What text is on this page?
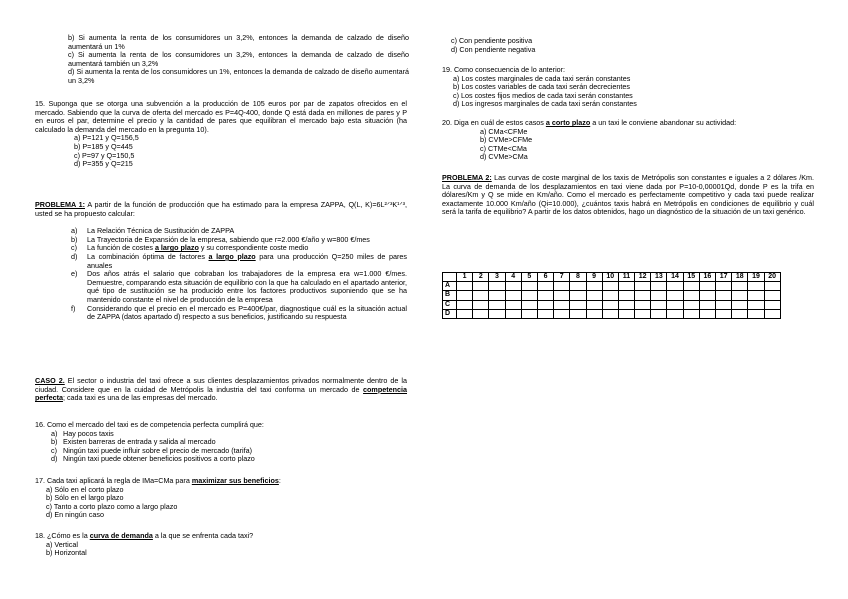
b) Si aumenta la renta de los consumidores un 3,2%, entonces la demanda de calzado de diseño aumentará un 1%

c) Si aumenta la renta de los consumidores un 3,2%, entonces la demanda de calzado de diseño aumentará también un 3,2%

d) Si aumenta la renta de los consumidores un 1%, entonces la demanda de calzado de diseño aumentará un 3,2%

15. Suponga que se otorga una subvención a la producción de 105 euros por par de zapatos ofrecidos en el mercado. Sabiendo que la curva de oferta del mercado es P=4Q-400, donde Q está dada en millones de pares y P en euros el par, determine el precio y la cantidad de pares que equilibran el mercado bajo esta situación (ha calculado la demanda del mercado en la pregunta 10).

a) P=121 y Q=156,5

b) P=185 y Q=445

c) P=97 y Q=150,5

d) P=355 y Q=215

PROBLEMA 1: A partir de la función de producción que ha estimado para la empresa ZAPPA, Q(L, K)=6L²ᐟ³K¹ᐟ³, usted se ha propuesto calcular:

a) La Relación Técnica de Sustitución de ZAPPA
b) La Trayectoria de Expansión de la empresa, sabiendo que r=2.000 €/año y w=800 €/mes
c) La función de costes a largo plazo y su correspondiente coste medio
d) La combinación óptima de factores a largo plazo para una producción Q=250 miles de pares anuales
e) Dos años atrás el salario que cobraban los trabajadores de la empresa era w=1.000 €/mes. Demuestre, comparando esta situación de equilibrio con la que ha calculado en el apartado anterior, qué tipo de sustitución se ha producido entre los factores productivos suponiendo que se ha mantenido constante el nivel de producción de la empresa
f) Considerando que el precio en el mercado es P=400€/par, diagnostique cuál es la situación actual de ZAPPA (datos apartado d) respecto a sus beneficios, justificando su respuesta

CASO 2. El sector o industria del taxi ofrece a sus clientes desplazamientos privados normalmente dentro de la ciudad. Considere que en la cuidad de Metrópolis la industria del taxi conforma un mercado de competencia perfecta; cada taxi es una de las empresas del mercado.

16. Como el mercado del taxi es de competencia perfecta cumplirá que:

a) Hay pocos taxis
b) Existen barreras de entrada y salida al mercado
c) Ningún taxi puede influir sobre el precio de mercado (tarifa)
d) Ningún taxi puede obtener beneficios positivos a corto plazo

17. Cada taxi aplicará la regla de IMa=CMa para maximizar sus beneficios:

a) Sólo en el corto plazo

b) Sólo en el largo plazo

c) Tanto a corto plazo como a largo plazo

d) En ningún caso

18. ¿Cómo es la curva de demanda a la que se enfrenta cada taxi?

a) Vertical

b) Horizontal

c) Con pendiente positiva

d) Con pendiente negativa

19. Como consecuencia de lo anterior:

a) Los costes marginales de cada taxi serán constantes

b) Los costes variables de cada taxi serán decrecientes

c) Los costes fijos medios de cada taxi serán constantes

d) Los ingresos marginales de cada taxi serán constantes

20. Diga en cuál de estos casos a corto plazo a un taxi le conviene abandonar su actividad:

a) CMa<CFMe

b) CVMe>CFMe

c) CTMe<CMa

d) CVMe>CMa

PROBLEMA 2: Las curvas de coste marginal de los taxis de Metrópolis son constantes e iguales a 2 dólares /Km. La curva de demanda de los desplazamientos en taxi viene dada por P=10-0,00001Qd, donde P es la trifa en dólares/Km y Q se mide en Km/año. Como el mercado es perfectamente competitivo y cada taxi puede realizar exactamente 10.000 Km/año (Qi=10.000), ¿cuántos taxis habrá en Metrópolis en condiciones de equilibrio y cuál será la tarifa de equilibrio? A partir de los datos obtenidos, hago un diagnóstico de la situación de un taxi genérico.

	1	2	3	4	5	6	7	8	9	10	11	12	13	14	15	16	17	18	19	20
A																				
B																				
C																				
D																				
